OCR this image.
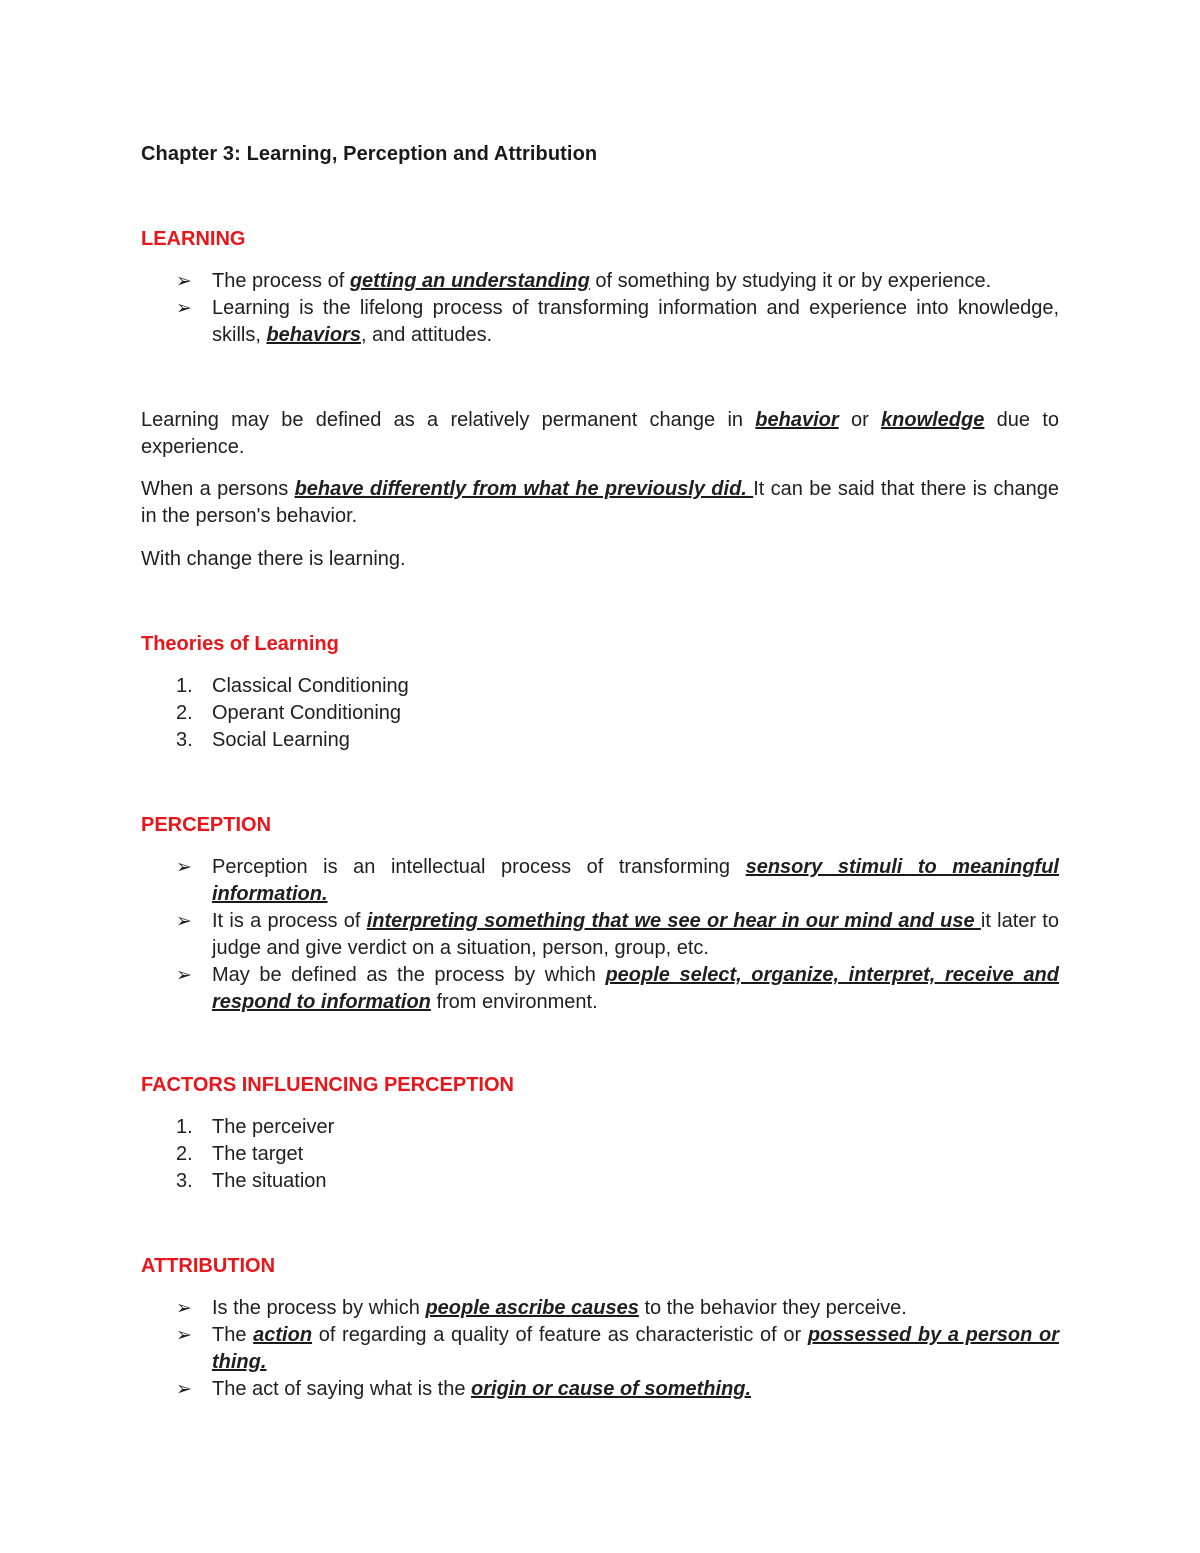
Chapter 3: Learning, Perception and Attribution
LEARNING
➢ The process of getting an understanding of something by studying it or by experience.
➢ Learning is the lifelong process of transforming information and experience into knowledge, skills, behaviors, and attitudes.

Learning may be defined as a relatively permanent change in behavior or knowledge due to experience.

When a persons behave differently from what he previously did. It can be said that there is change in the person's behavior.

With change there is learning.

Theories of Learning
1. Classical Conditioning
2. Operant Conditioning
3. Social Learning
PERCEPTION
➢ Perception is an intellectual process of transforming sensory stimuli to meaningful information.
➢ It is a process of interpreting something that we see or hear in our mind and use it later to judge and give verdict on a situation, person, group, etc.
➢ May be defined as the process by which people select, organize, interpret, receive and respond to information from environment.
FACTORS INFLUENCING PERCEPTION
1. The perceiver
2. The target
3. The situation
ATTRIBUTION
➢ Is the process by which people ascribe causes to the behavior they perceive.
➢ The action of regarding a quality of feature as characteristic of or possessed by a person or thing.
➢ The act of saying what is the origin or cause of something.
